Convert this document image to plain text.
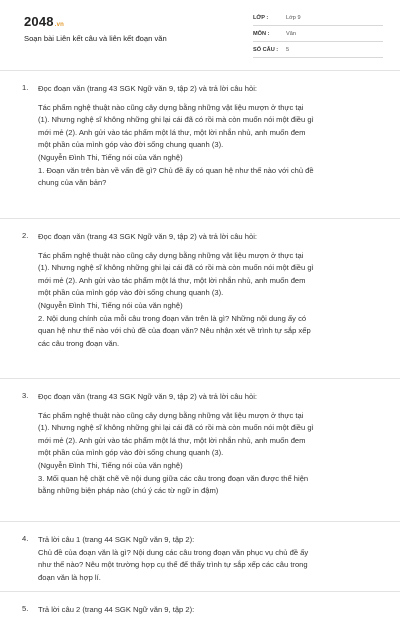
2048.vn
Soạn bài Liên kết câu và liên kết đoạn văn
LỚP :	Lớp 9
MÔN :	Văn
SỐ CÂU : 5
1. Đọc đoạn văn (trang 43 SGK Ngữ văn 9, tập 2) và trả lời câu hỏi:

Tác phẩm nghệ thuật nào cũng cây dựng bằng những vật liệu mượn ở thực tại

(1). Nhưng nghệ sĩ không những ghi lại cái đã có rồi mà còn muốn nói một điều gì

mới mẻ (2). Anh gửi vào tác phẩm một lá thư, một lời nhắn nhủ, anh muốn đem

một phần của mình góp vào đời sống chung quanh (3).

(Nguyễn Đình Thi, Tiếng nói của văn nghệ)

1. Đoạn văn trên bàn về vấn đề gì? Chủ đề ấy có quan hệ như thế nào với chủ đề

chung của văn bản?

2. Đọc đoạn văn (trang 43 SGK Ngữ văn 9, tập 2) và trả lời câu hỏi:

Tác phẩm nghệ thuật nào cũng cây dựng bằng những vật liệu mượn ở thực tại

(1). Nhưng nghệ sĩ không những ghi lại cái đã có rồi mà còn muốn nói một điều gì

mới mẻ (2). Anh gửi vào tác phẩm một lá thư, một lời nhắn nhủ, anh muốn đem

một phần của mình góp vào đời sống chung quanh (3).

(Nguyễn Đình Thi, Tiếng nói của văn nghệ)

2. Nội dung chính của mỗi câu trong đoạn văn trên là gì? Những nội dung ấy có

quan hệ như thế nào với chủ đề của đoạn văn? Nêu nhận xét về trình tự sắp xếp

các câu trong đoạn văn.

3. Đọc đoạn văn (trang 43 SGK Ngữ văn 9, tập 2) và trả lời câu hỏi:

Tác phẩm nghệ thuật nào cũng cây dựng bằng những vật liệu mượn ở thực tại

(1). Nhưng nghệ sĩ không những ghi lại cái đã có rồi mà còn muốn nói một điều gì

mới mẻ (2). Anh gửi vào tác phẩm một lá thư, một lời nhắn nhủ, anh muốn đem

một phần của mình góp vào đời sống chung quanh (3).

(Nguyễn Đình Thi, Tiếng nói của văn nghệ)

3. Mối quan hệ chặt chẽ về nội dung giữa các câu trong đoạn văn được thể hiện

bằng những biện pháp nào (chú ý các từ ngữ in đậm)

4. Trả lời câu 1 (trang 44 SGK Ngữ văn 9, tập 2):

Chủ đề của đoạn văn là gì? Nội dung các câu trong đoạn văn phục vụ chủ đề ấy

như thế nào? Nêu một trường hợp cụ thể để thấy trình tự sắp xếp các câu trong

đoạn văn là hợp lí.

5. Trả lời câu 2 (trang 44 SGK Ngữ văn 9, tập 2):
